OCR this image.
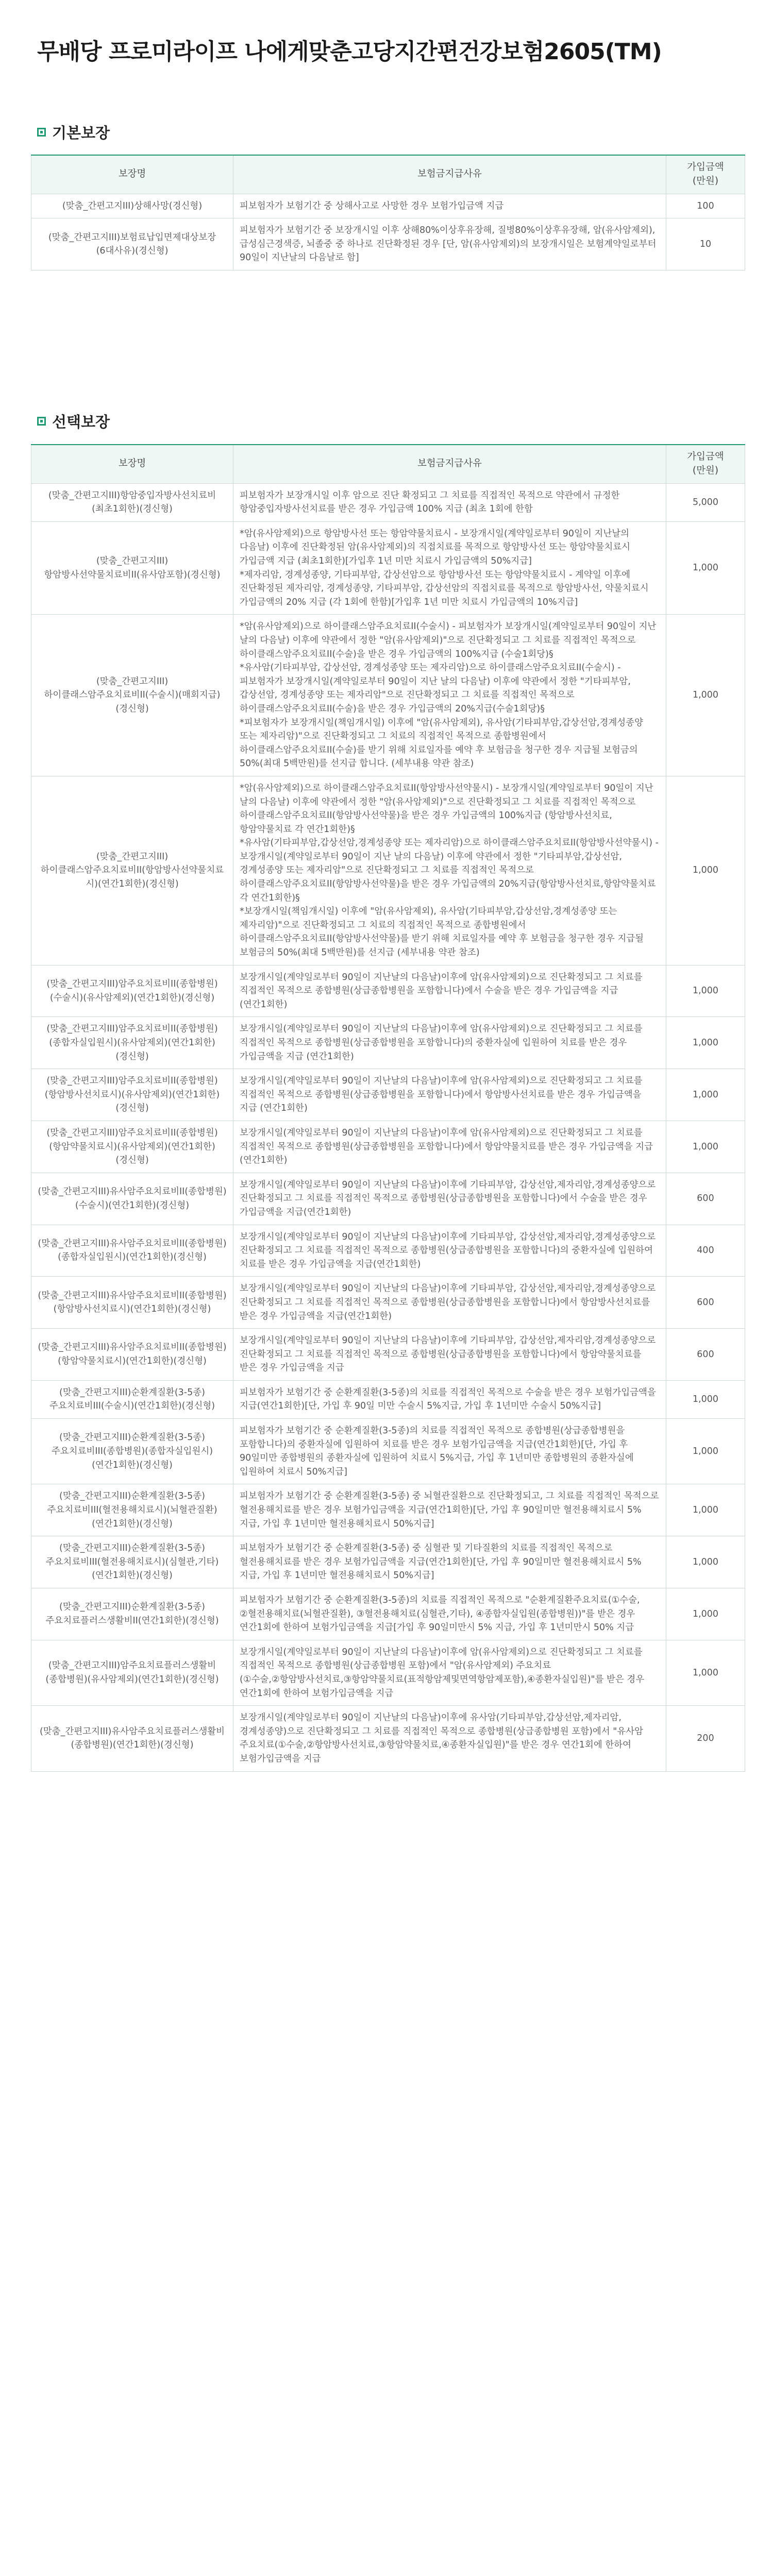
무배당 프로미라이프 나에게맞춘고당지간편건강보험2605(TM)
기본보장
보장명	보험금지급사유	가입금액
(만원)
(맞춤_간편고지III)상해사망(경신형)	피보험자가 보험기간 중 상해사고로 사망한 경우 보험가입금액 지급	100
(맞춤_간편고지III)보험료납입면제대상보장(6대사유)(경신형)	피보험자가 보험기간 중 보장개시일 이후 상해80%이상후유장해, 질병80%이상후유장해, 암(유사암제외), 급성심근경색증, 뇌졸중 중 하나로 진단확정된 경우 [단, 암(유사암제외)의 보장개시일은 보험계약일로부터 90일이 지난날의 다음날로 함]	10
선택보장
보장명	보험금지급사유	가입금액
(만원)
(맞춤_간편고지III)항암중입자방사선치료비(최초1회한)(경신형)	피보험자가 보장개시일 이후 암으로 진단 확정되고 그 치료를 직접적인 목적으로 약관에서 규정한 항암중입자방사선치료를 받은 경우 가입금액 100% 지급 (최초 1회에 한함	5,000
(맞춤_간편고지III)항암방사선약물치료비II(유사암포함)(경신형)	*암(유사암제외)으로 항암방사선 또는 항암약물치료시 - 보장개시일(계약일로부터 90일이 지난날의 다음날) 이후에 진단확정된 암(유사암제외)의 직접치료를 목적으로 항암방사선 또는 항암약물치료시 가입금액 지급 (최초1회한)[가입후 1년 미만 치료시 가입금액의 50%지급]
*제자리암, 경계성종양, 기타피부암, 갑상선암으로 항암방사선 또는 항암약물치료시 - 계약일 이후에 진단확정된 제자리암, 경계성종양, 기타피부암, 갑상선암의 직접치료를 목적으로 항암방사선, 약물치료시 가입금액의 20% 지급 (각 1회에 한함)[가입후 1년 미만 치료시 가입금액의 10%지급]	1,000
(맞춤_간편고지III)하이클래스암주요치료비II(수술시)(매회지급)(경신형)	*암(유사암제외)으로 하이클래스암주요치료II(수술시) - 피보험자가 보장개시일(계약일로부터 90일이 지난 날의 다음날) 이후에 약관에서 정한 "암(유사암제외)"으로 진단확정되고 그 치료를 직접적인 목적으로 하이클래스암주요치료II(수술)을 받은 경우 가입금액의 100%지급 (수술1회당)§
*유사암(기타피부암, 갑상선암, 경계성종양 또는 제자리암)으로 하이클래스암주요치료II(수술시) - 피보험자가 보장개시일(계약일로부터 90일이 지난 날의 다음날) 이후에 약관에서 정한 "기타피부암, 갑상선암, 경계성종양 또는 제자리암"으로 진단확정되고 그 치료를 직접적인 목적으로 하이클래스암주요치료II(수술)을 받은 경우 가입금액의 20%지급(수술1회당)§
*피보험자가 보장개시일(책임개시일) 이후에 "암(유사암제외), 유사암(기타피부암,갑상선암,경계성종양 또는 제자리암)"으로 진단확정되고 그 치료의 직접적인 목적으로 종합병원에서 하이클래스암주요치료II(수술)를 받기 위해 치료일자를 예약 후 보험금을 청구한 경우 지급될 보험금의 50%(최대 5백만원)를 선지급 합니다. (세부내용 약관 참조)	1,000
(맞춤_간편고지III)하이클래스암주요치료비II(항암방사선약물치료시)(연간1회한)(경신형)	*암(유사암제외)으로 하이클래스암주요치료II(항암방사선약물시) - 보장개시일(계약일로부터 90일이 지난 날의 다음날) 이후에 약관에서 정한 "암(유사암제외)"으로 진단확정되고 그 치료를 직접적인 목적으로 하이클래스암주요치료II(항암방사선약물)을 받은 경우 가입금액의 100%지급 (항암방사선치료,항암약물치료 각 연간1회한)§
*유사암(기타피부암,갑상선암,경계성종양 또는 제자리암)으로 하이클래스암주요치료II(항암방사선약물시) - 보장개시일(계약일로부터 90일이 지난 날의 다음날) 이후에 약관에서 정한 "기타피부암,갑상선암,경계성종양 또는 제자리암"으로 진단확정되고 그 치료를 직접적인 목적으로 하이클래스암주요치료II(항암방사선약물)을 받은 경우 가입금액의 20%지급(항암방사선치료,항암약물치료 각 연간1회한)§
*보장개시일(책임개시일) 이후에 "암(유사암제외), 유사암(기타피부암,갑상선암,경계성종양 또는 제자리암)"으로 진단확정되고 그 치료의 직접적인 목적으로 종합병원에서 하이클래스암주요치료II(항암방사선약물)를 받기 위해 치료일자를 예약 후 보험금을 청구한 경우 지급될 보험금의 50%(최대 5백만원)를 선지급 (세부내용 약관 참조)	1,000
(맞춤_간편고지III)암주요치료비II(종합병원)(수술시)(유사암제외)(연간1회한)(경신형)	보장개시일(계약일로부터 90일이 지난날의 다음날)이후에 암(유사암제외)으로 진단확정되고 그 치료를 직접적인 목적으로 종합병원(상급종합병원을 포함합니다)에서 수술을 받은 경우 가입금액을 지급(연간1회한)	1,000
(맞춤_간편고지III)암주요치료비II(종합병원)(종합자실입원시)(유사암제외)(연간1회한)(경신형)	보장개시일(계약일로부터 90일이 지난날의 다음날)이후에 암(유사암제외)으로 진단확정되고 그 치료를 직접적인 목적으로 종합병원(상급종합병원을 포함합니다)의 중환자실에 입원하여 치료를 받은 경우 가입금액을 지급 (연간1회한)	1,000
(맞춤_간편고지III)암주요치료비II(종합병원)(항암방사선치료시)(유사암제외)(연간1회한)(경신형)	보장개시일(계약일로부터 90일이 지난날의 다음날)이후에 암(유사암제외)으로 진단확정되고 그 치료를 직접적인 목적으로 종합병원(상급종합병원을 포함합니다)에서 항암방사선치료를 받은 경우 가입금액을 지급 (연간1회한)	1,000
(맞춤_간편고지III)암주요치료비II(종합병원)(항암약물치료시)(유사암제외)(연간1회한)(경신형)	보장개시일(계약일로부터 90일이 지난날의 다음날)이후에 암(유사암제외)으로 진단확정되고 그 치료를 직접적인 목적으로 종합병원(상급종합병원을 포함합니다)에서 항암약물치료를 받은 경우 가입금액을 지급 (연간1회한)	1,000
(맞춤_간편고지III)유사암주요치료비II(종합병원)(수술시)(연간1회한)(경신형)	보장개시일(계약일로부터 90일이 지난날의 다음날)이후에 기타피부암, 갑상선암,제자리암,경계성종양으로 진단확정되고 그 치료를 직접적인 목적으로 종합병원(상급종합병원을 포함합니다)에서 수술을 받은 경우 가입금액을 지급(연간1회한)	600
(맞춤_간편고지III)유사암주요치료비II(종합병원)(종합자실입원시)(연간1회한)(경신형)	보장개시일(계약일로부터 90일이 지난날의 다음날)이후에 기타피부암, 갑상선암,제자리암,경계성종양으로 진단확정되고 그 치료를 직접적인 목적으로 종합병원(상급종합병원을 포함합니다)의 중환자실에 입원하여 치료를 받은 경우 가입금액을 지급(연간1회한)	400
(맞춤_간편고지III)유사암주요치료비II(종합병원)(항암방사선치료시)(연간1회한)(경신형)	보장개시일(계약일로부터 90일이 지난날의 다음날)이후에 기타피부암, 갑상선암,제자리암,경계성종양으로 진단확정되고 그 치료를 직접적인 목적으로 종합병원(상급종합병원을 포함합니다)에서 항암방사선치료를 받은 경우 가입금액을 지급(연간1회한)	600
(맞춤_간편고지III)유사암주요치료비II(종합병원)(항암약물치료시)(연간1회한)(경신형)	보장개시일(계약일로부터 90일이 지난날의 다음날)이후에 기타피부암, 갑상선암,제자리암,경계성종양으로 진단확정되고 그 치료를 직접적인 목적으로 종합병원(상급종합병원을 포함합니다)에서 항암약물치료를 받은 경우 가입금액을 지급	600
(맞춤_간편고지III)순환계질환(3-5종)주요치료비III(수술시)(연간1회한)(경신형)	피보험자가 보험기간 중 순환계질환(3-5종)의 치료를 직접적인 목적으로 수술을 받은 경우 보험가입금액을 지급(연간1회한)[단, 가입 후 90일 미만 수술시 5%지급, 가입 후 1년미만 수술시 50%지급]	1,000
(맞춤_간편고지III)순환계질환(3-5종)주요치료비III(종합병원)(종합자실입원시)(연간1회한)(경신형)	피보험자가 보험기간 중 순환계질환(3-5종)의 치료를 직접적인 목적으로 종합병원(상급종합병원을 포함합니다)의 중환자실에 입원하여 치료를 받은 경우 보험가입금액을 지급(연간1회한)[단, 가입 후 90일미만 종합병원의 종환자실에 입원하여 치료시 5%지급, 가입 후 1년미만 종합병원의 종환자실에 입원하여 치료시 50%지급]	1,000
(맞춤_간편고지III)순환계질환(3-5종)주요치료비III(혈전용해치료시)(뇌혈관질환)(연간1회한)(경신형)	피보험자가 보험기간 중 순환계질환(3-5종) 중 뇌혈관질환으로 진단확정되고, 그 치료를 직접적인 목적으로 혈전용해치료를 받은 경우 보험가입금액을 지급(연간1회한)[단, 가입 후 90일미만 혈전용해치료시 5%지급, 가입 후 1년미만 혈전용해치료시 50%지급]	1,000
(맞춤_간편고지III)순환계질환(3-5종)주요치료비III(혈전용해치료시)(심혈관,기타)(연간1회한)(경신형)	피보험자가 보험기간 중 순환계질환(3-5종) 중 심혈관 및 기타질환의 치료를 직접적인 목적으로 혈전용해치료를 받은 경우 보험가입금액을 지급(연간1회한)[단, 가입 후 90일미만 혈전용해치료시 5%지급, 가입 후 1년미만 혈전용해치료시 50%지급]	1,000
(맞춤_간편고지III)순환계질환(3-5종)주요치료플러스생활비II(연간1회한)(경신형)	피보험자가 보험기간 중 순환계질환(3-5종)의 치료를 직접적인 목적으로 "순환계질환주요치료(①수술, ②혈전용해치료(뇌혈관질환), ③혈전용해치료(심혈관,기타), ④종합자실입원(종합병원))"를 받은 경우 연간1회에 한하여 보험가입금액을 지급[가입 후 90일미만시 5% 지급, 가입 후 1년미만시 50% 지급	1,000
(맞춤_간편고지III)암주요치료플러스생활비(종합병원)(유사암제외)(연간1회한)(경신형)	보장개시일(계약일로부터 90일이 지난날의 다음날)이후에 암(유사암제외)으로 진단확정되고 그 치료를 직접적인 목적으로 종합병원(상급종합병원 포함)에서 "암(유사암제외) 주요치료(①수술,②항암방사선치료,③항암약물치료(표적항암제및면역항암제포함),④종환자실입원)"를 받은 경우 연간1회에 한하여 보험가입금액을 지급	1,000
(맞춤_간편고지III)유사암주요치료플러스생활비(종합병원)(연간1회한)(경신형)	보장개시일(계약일로부터 90일이 지난날의 다음날)이후에 유사암(기타피부암,갑상선암,제자리암,경계성종양)으로 진단확정되고 그 치료를 직접적인 목적으로 종합병원(상급종합병원 포함)에서 "유사암 주요치료(①수술,②항암방사선치료,③항암약물치료,④종환자실입원)"를 받은 경우 연간1회에 한하여 보험가입금액을 지급	200
